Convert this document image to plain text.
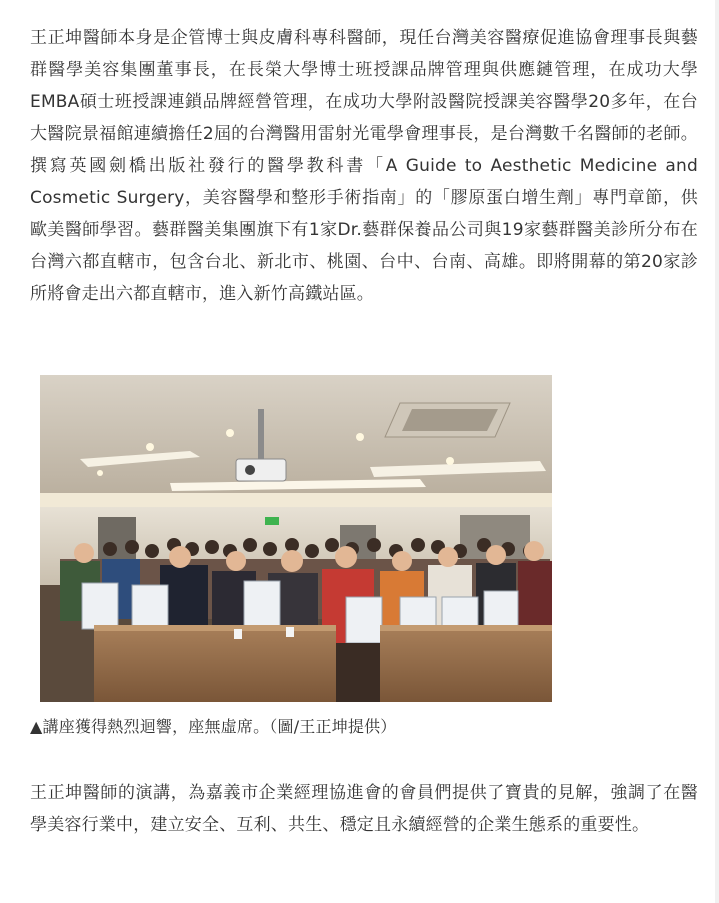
王正坤醫師本身是企管博士與皮膚科專科醫師，現任台灣美容醫療促進協會理事長與藝群醫學美容集團董事長，在長榮大學博士班授課品牌管理與供應鏈管理，在成功大學EMBA碩士班授課連鎖品牌經營管理，在成功大學附設醫院授課美容醫學20多年，在台大醫院景福館連續擔任2屆的台灣醫用雷射光電學會理事長，是台灣數千名醫師的老師。撰寫英國劍橋出版社發行的醫學教科書「A Guide to Aesthetic Medicine and Cosmetic Surgery，美容醫學和整形手術指南」的「膠原蛋白增生劑」專門章節，供歐美醫師學習。藝群醫美集團旗下有1家Dr.藝群保養品公司與19家藝群醫美診所分布在台灣六都直轄市，包含台北、新北市、桃園、台中、台南、高雄。即將開幕的第20家診所將會走出六都直轄市，進入新竹高鐵站區。

▲講座獲得熱烈迴響，座無虛席。（圖/王正坤提供）

王正坤醫師的演講，為嘉義市企業經理協進會的會員們提供了寶貴的見解，強調了在醫學美容行業中，建立安全、互利、共生、穩定且永續經營的企業生態系的重要性。
